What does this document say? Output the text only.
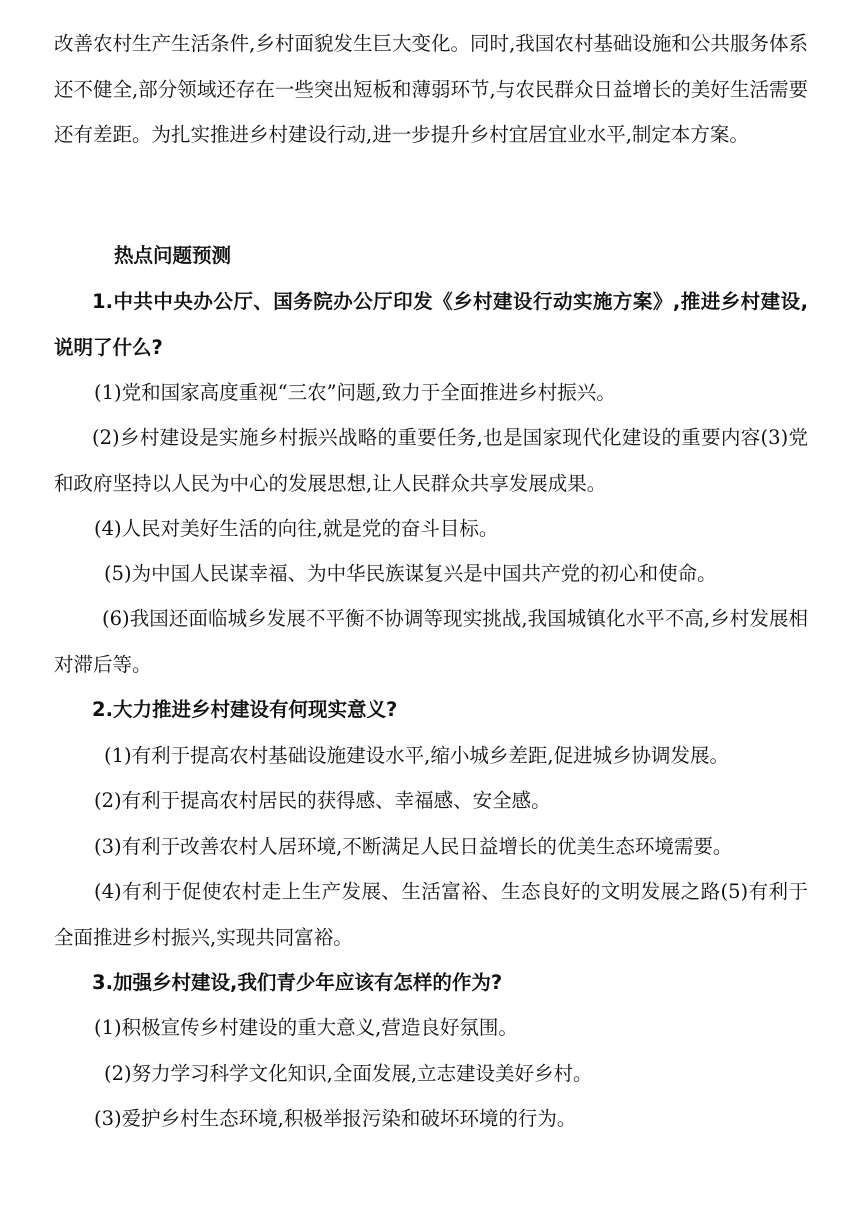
改善农村生产生活条件,乡村面貌发生巨大变化。同时,我国农村基础设施和公共服务体系还不健全,部分领域还存在一些突出短板和薄弱环节,与农民群众日益增长的美好生活需要还有差距。为扎实推进乡村建设行动,进一步提升乡村宜居宜业水平,制定本方案。

热点问题预测

1.中共中央办公厅、国务院办公厅印发《乡村建设行动实施方案》,推进乡村建设,说明了什么?

(1)党和国家高度重视“三农”问题,致力于全面推进乡村振兴。

(2)乡村建设是实施乡村振兴战略的重要任务,也是国家现代化建设的重要内容(3)党和政府坚持以人民为中心的发展思想,让人民群众共享发展成果。

(4)人民对美好生活的向往,就是党的奋斗目标。

(5)为中国人民谋幸福、为中华民族谋复兴是中国共产党的初心和使命。

(6)我国还面临城乡发展不平衡不协调等现实挑战,我国城镇化水平不高,乡村发展相对滞后等。

2.大力推进乡村建设有何现实意义?

(1)有利于提高农村基础设施建设水平,缩小城乡差距,促进城乡协调发展。

(2)有利于提高农村居民的获得感、幸福感、安全感。

(3)有利于改善农村人居环境,不断满足人民日益增长的优美生态环境需要。

(4)有利于促使农村走上生产发展、生活富裕、生态良好的文明发展之路(5)有利于全面推进乡村振兴,实现共同富裕。

3.加强乡村建设,我们青少年应该有怎样的作为?

(1)积极宣传乡村建设的重大意义,营造良好氛围。

(2)努力学习科学文化知识,全面发展,立志建设美好乡村。

(3)爱护乡村生态环境,积极举报污染和破坏环境的行为。
